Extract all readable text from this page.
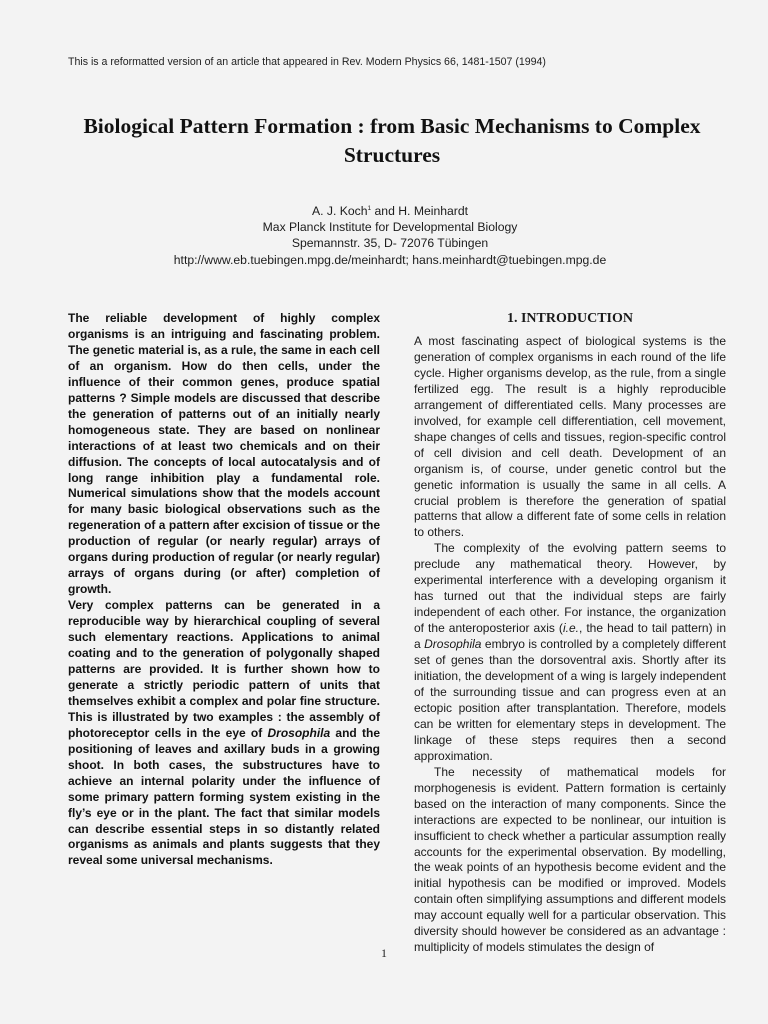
This is a reformatted version of an article that appeared in Rev. Modern Physics 66, 1481-1507 (1994)
Biological Pattern Formation : from Basic Mechanisms to Complex
Structures
A. J. Koch$^1$ and H. Meinhardt
Max Planck Institute for Developmental Biology
Spemannstr. 35, D- 72076 Tübingen
http://www.eb.tuebingen.mpg.de/meinhardt; hans.meinhardt@tuebingen.mpg.de

The reliable development of highly complex organisms is an intriguing and fascinating problem. The genetic material is, as a rule, the same in each cell of an organism. How do then cells, under the influence of their common genes, produce spatial patterns ? Simple models are discussed that describe the generation of patterns out of an initially nearly homogeneous state. They are based on nonlinear interactions of at least two chemicals and on their diffusion. The concepts of local autocatalysis and of long range inhibition play a fundamental role. Numerical simulations show that the models account for many basic biological observations such as the regeneration of a pattern after excision of tissue or the production of regular (or nearly regular) arrays of organs during production of regular (or nearly regular) arrays of organs during (or after) completion of growth.

Very complex patterns can be generated in a reproducible way by hierarchical coupling of several such elementary reactions. Applications to animal coating and to the generation of polygonally shaped patterns are provided. It is further shown how to generate a strictly periodic pattern of units that themselves exhibit a complex and polar fine structure. This is illustrated by two examples : the assembly of photoreceptor cells in the eye of Drosophila and the positioning of leaves and axillary buds in a growing shoot. In both cases, the substructures have to achieve an internal polarity under the influence of some primary pattern forming system existing in the fly’s eye or in the plant. The fact that similar models can describe essential steps in so distantly related organisms as animals and plants suggests that they reveal some universal mechanisms.

1. INTRODUCTION

A most fascinating aspect of biological systems is the generation of complex organisms in each round of the life cycle. Higher organisms develop, as the rule, from a single fertilized egg. The result is a highly reproducible arrangement of differentiated cells. Many processes are involved, for example cell differentiation, cell movement, shape changes of cells and tissues, region-specific control of cell division and cell death. Development of an organism is, of course, under genetic control but the genetic information is usually the same in all cells. A crucial problem is therefore the generation of spatial patterns that allow a different fate of some cells in relation to others.

The complexity of the evolving pattern seems to preclude any mathematical theory. However, by experimental interference with a developing organism it has turned out that the individual steps are fairly independent of each other. For instance, the organization of the anteroposterior axis (i.e., the head to tail pattern) in a Drosophila embryo is controlled by a completely different set of genes than the dorsoventral axis. Shortly after its initiation, the development of a wing is largely independent of the surrounding tissue and can progress even at an ectopic position after transplantation. Therefore, models can be written for elementary steps in development. The linkage of these steps requires then a second approximation.

The necessity of mathematical models for morphogenesis is evident. Pattern formation is certainly based on the interaction of many components. Since the interactions are expected to be nonlinear, our intuition is insufficient to check whether a particular assumption really accounts for the experimental observation. By modelling, the weak points of an hypothesis become evident and the initial hypothesis can be modified or improved. Models contain often simplifying assumptions and different models may account equally well for a particular observation. This diversity should however be considered as an advantage : multiplicity of models stimulates the design of

1
